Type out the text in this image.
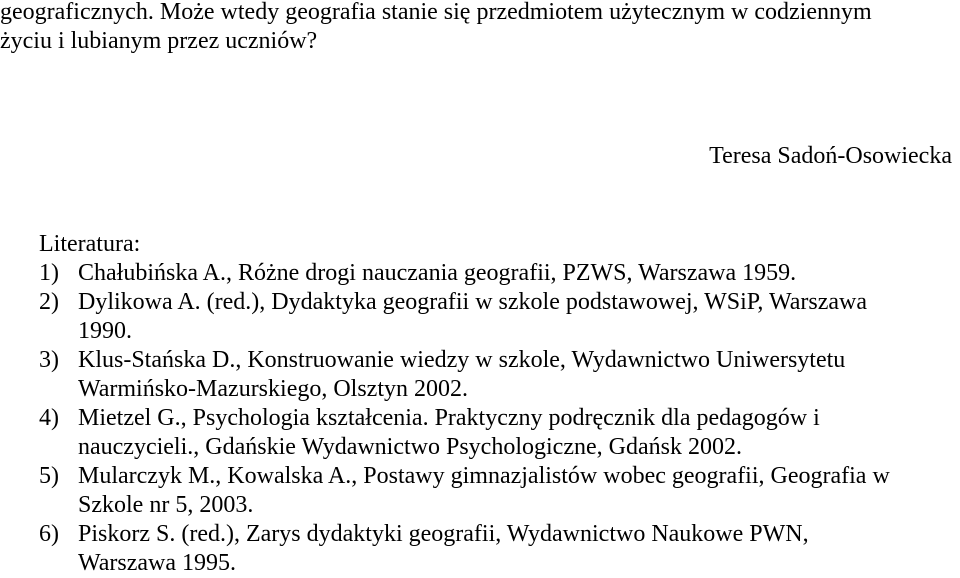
geograficznych. Może wtedy geografia stanie się przedmiotem użytecznym w codziennym
życiu i lubianym przez uczniów?

Teresa Sadoń-Osowiecka

Literatura:

1) Chałubińska A., Różne drogi nauczania geografii, PZWS, Warszawa 1959.
2) Dylikowa A. (red.), Dydaktyka geografii w szkole podstawowej, WSiP, Warszawa
1990.
3) Klus-Stańska D., Konstruowanie wiedzy w szkole, Wydawnictwo Uniwersytetu
Warmińsko-Mazurskiego, Olsztyn 2002.
4) Mietzel G., Psychologia kształcenia. Praktyczny podręcznik dla pedagogów i
nauczycieli., Gdańskie Wydawnictwo Psychologiczne, Gdańsk 2002.
5) Mularczyk M., Kowalska A., Postawy gimnazjalistów wobec geografii, Geografia w
Szkole nr 5, 2003.
6) Piskorz S. (red.), Zarys dydaktyki geografii, Wydawnictwo Naukowe PWN,
Warszawa 1995.
